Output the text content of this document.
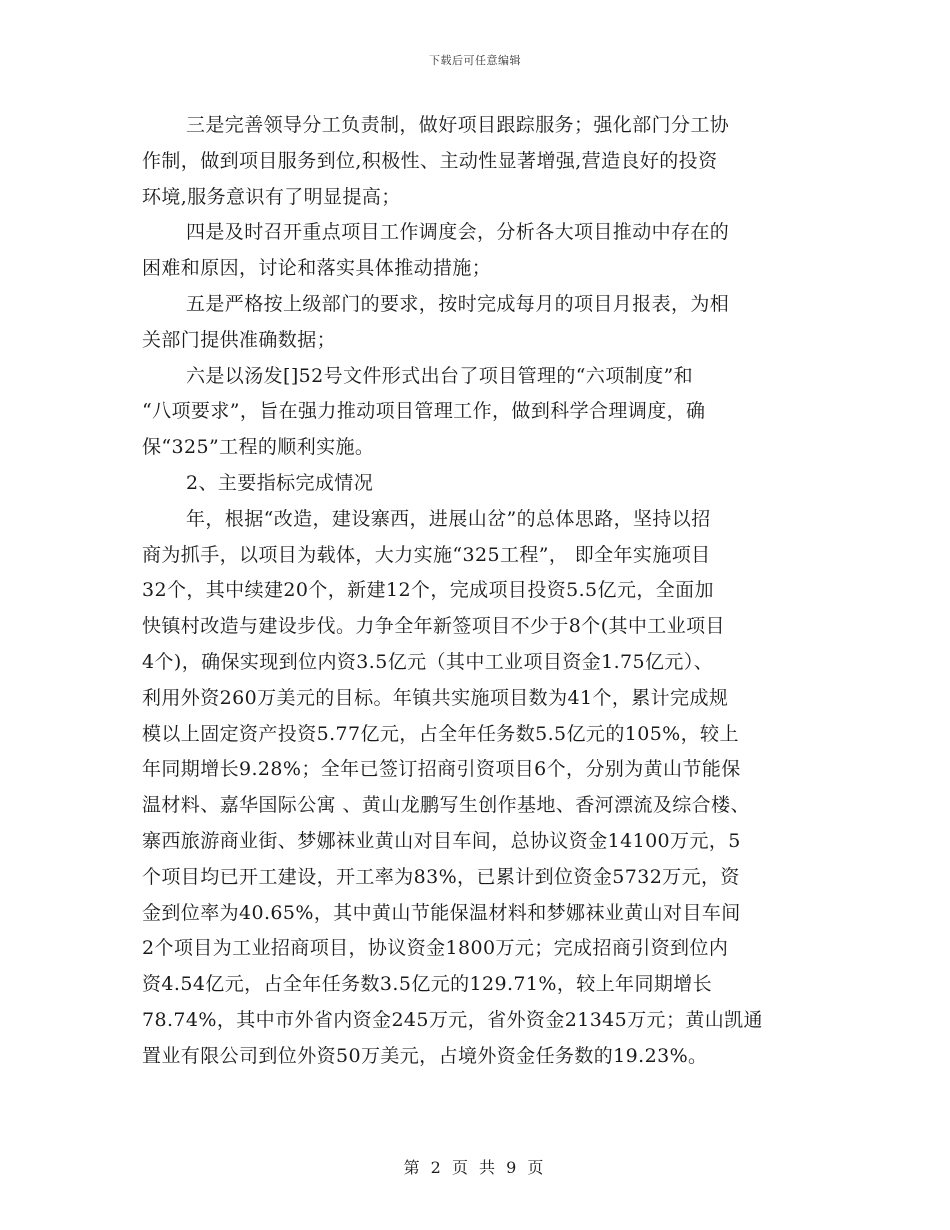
下载后可任意编辑
三是完善领导分工负责制，做好项目跟踪服务；强化部门分工协
作制，做到项目服务到位,积极性、主动性显著增强,营造良好的投资
环境,服务意识有了明显提高；
四是及时召开重点项目工作调度会，分析各大项目推动中存在的
困难和原因，讨论和落实具体推动措施；
五是严格按上级部门的要求，按时完成每月的项目月报表，为相
关部门提供准确数据；
六是以汤发[]52号文件形式出台了项目管理的“六项制度”和
“八项要求”，旨在强力推动项目管理工作，做到科学合理调度，确
保“325”工程的顺利实施。
2、主要指标完成情况
年，根据“改造，建设寨西，进展山岔”的总体思路，坚持以招
商为抓手，以项目为载体，大力实施“325工程”， 即全年实施项目
32个，其中续建20个，新建12个，完成项目投资5.5亿元，全面加
快镇村改造与建设步伐。力争全年新签项目不少于8个(其中工业项目
4个)，确保实现到位内资3.5亿元（其中工业项目资金1.75亿元）、
利用外资260万美元的目标。年镇共实施项目数为41个，累计完成规
模以上固定资产投资5.77亿元，占全年任务数5.5亿元的105%，较上
年同期增长9.28%；全年已签订招商引资项目6个，分别为黄山节能保
温材料、嘉华国际公寓 、黄山龙鹏写生创作基地、香河漂流及综合楼、
寨西旅游商业街、梦娜袜业黄山对目车间，总协议资金14100万元，5
个项目均已开工建设，开工率为83%，已累计到位资金5732万元，资
金到位率为40.65%，其中黄山节能保温材料和梦娜袜业黄山对目车间
2个项目为工业招商项目，协议资金1800万元；完成招商引资到位内
资4.54亿元，占全年任务数3.5亿元的129.71%，较上年同期增长
78.74%，其中市外省内资金245万元，省外资金21345万元；黄山凯通
置业有限公司到位外资50万美元，占境外资金任务数的19.23%。
第 2 页 共 9 页
